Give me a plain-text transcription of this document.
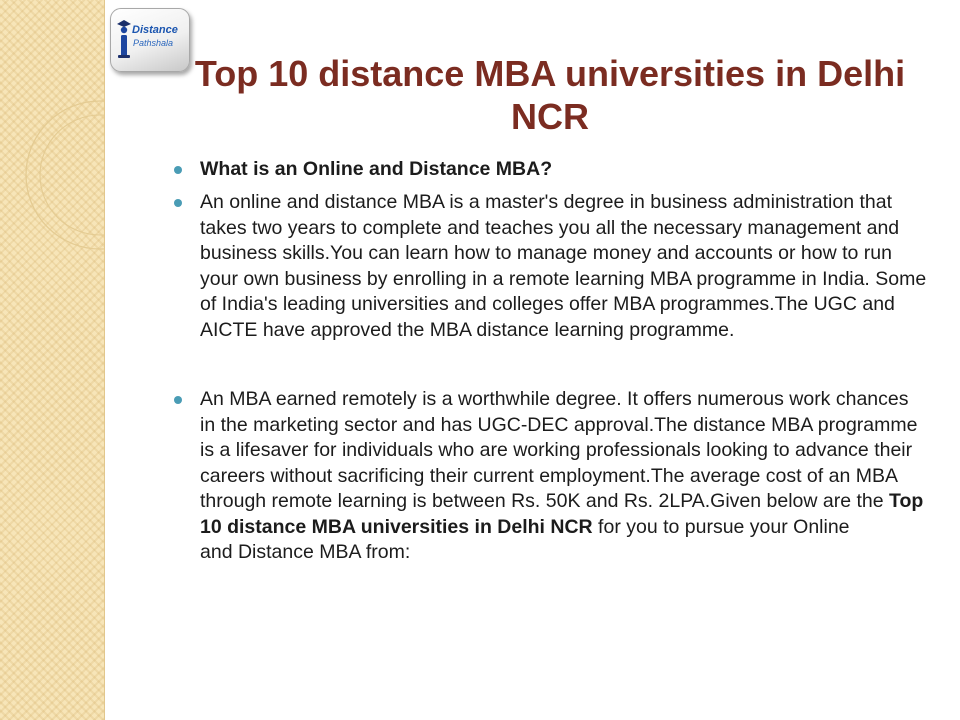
Distance
Pathshala
Top 10 distance MBA universities in Delhi NCR
What is an Online and Distance MBA?
An online and distance MBA is a master's degree in business administration that
takes two years to complete and teaches you all the necessary management and
business skills.You can learn how to manage money and accounts or how to run
your own business by enrolling in a remote learning MBA programme in India. Some
of India's leading universities and colleges offer MBA programmes.The UGC and
AICTE have approved the MBA distance learning programme.
An MBA earned remotely is a worthwhile degree. It offers numerous work chances
in the marketing sector and has UGC-DEC approval.The distance MBA programme
is a lifesaver for individuals who are working professionals looking to advance their
careers without sacrificing their current employment.The average cost of an MBA
through remote learning is between Rs. 50K and Rs. 2LPA.Given below are the Top
10 distance MBA universities in Delhi NCR for you to pursue your Online
and Distance MBA from:
